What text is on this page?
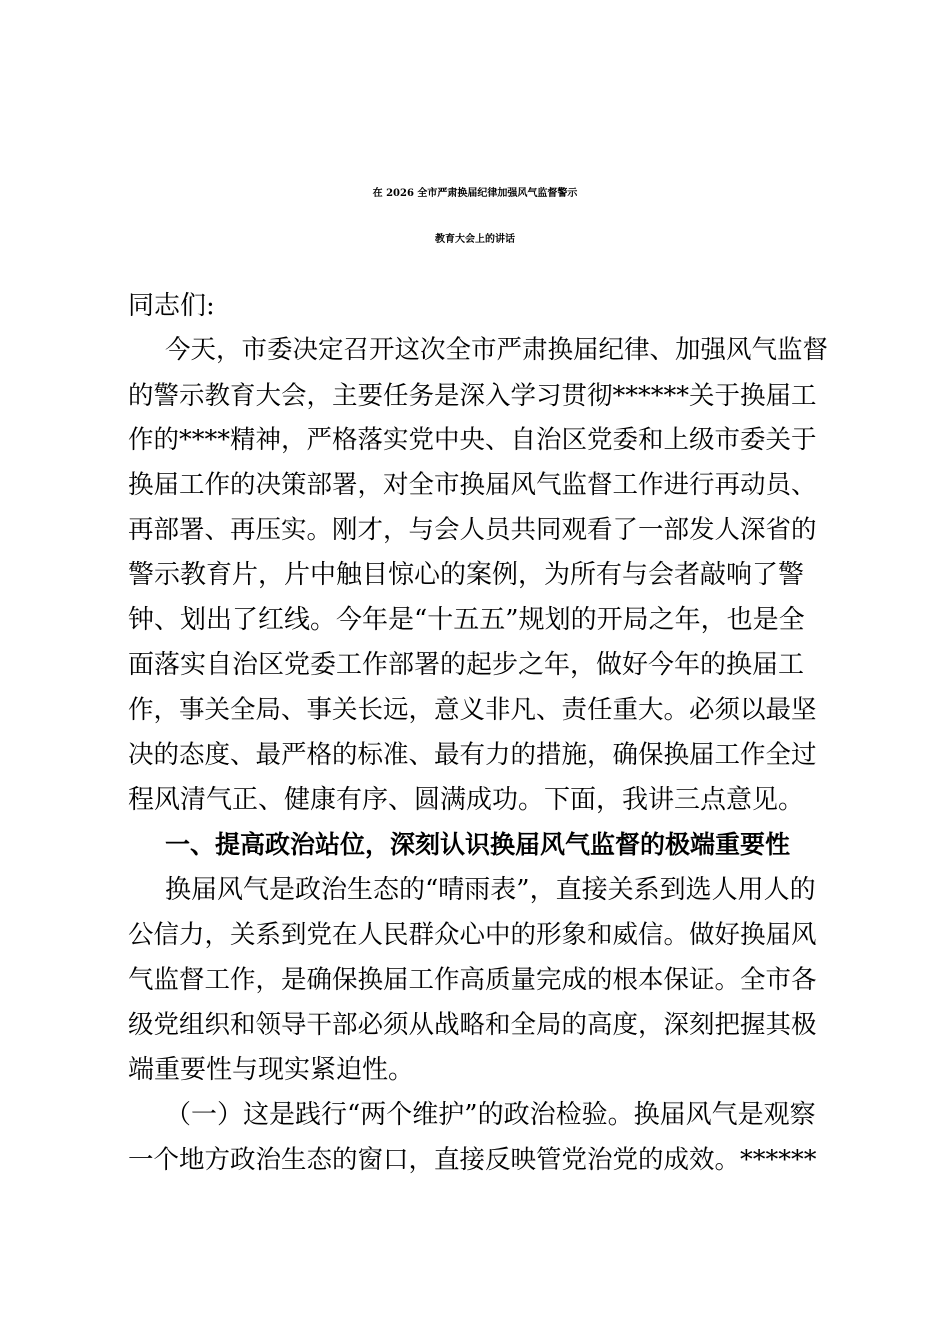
在 2026 全市严肃换届纪律加强风气监督警示
教育大会上的讲话

同志们:

今天，市委决定召开这次全市严肃换届纪律、加强风气监督

的警示教育大会，主要任务是深入学习贯彻******关于换届工

作的****精神，严格落实党中央、自治区党委和上级市委关于

换届工作的决策部署，对全市换届风气监督工作进行再动员、

再部署、再压实。刚才，与会人员共同观看了一部发人深省的

警示教育片，片中触目惊心的案例，为所有与会者敲响了警

钟、划出了红线。今年是“十五五”规划的开局之年，也是全

面落实自治区党委工作部署的起步之年，做好今年的换届工

作，事关全局、事关长远，意义非凡、责任重大。必须以最坚

决的态度、最严格的标准、最有力的措施，确保换届工作全过

程风清气正、健康有序、圆满成功。下面，我讲三点意见。

一、提高政治站位，深刻认识换届风气监督的极端重要性

换届风气是政治生态的“晴雨表”，直接关系到选人用人的

公信力，关系到党在人民群众心中的形象和威信。做好换届风

气监督工作，是确保换届工作高质量完成的根本保证。全市各

级党组织和领导干部必须从战略和全局的高度，深刻把握其极

端重要性与现实紧迫性。

（一）这是践行“两个维护”的政治检验。换届风气是观察

一个地方政治生态的窗口，直接反映管党治党的成效。******
